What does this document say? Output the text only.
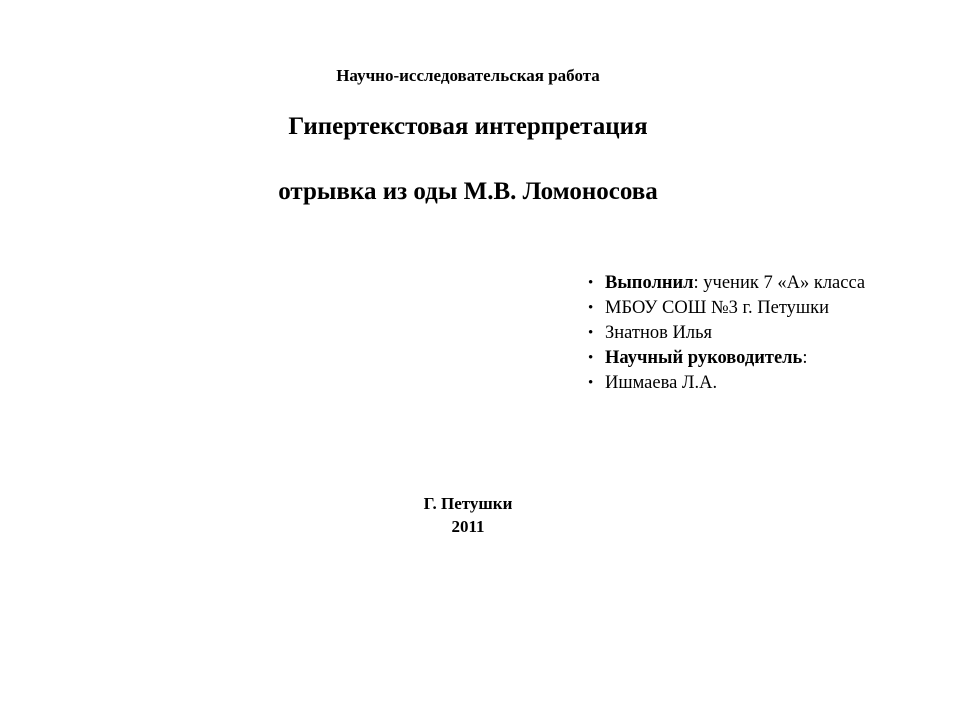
Научно-исследовательская работа
Гипертекстовая интерпретация
отрывка из оды М.В. Ломоносова
• Выполнил: ученик 7 «А» класса
• МБОУ СОШ №3 г. Петушки
• Знатнов Илья
• Научный руководитель:
• Ишмаева Л.А.
Г. Петушки
2011
